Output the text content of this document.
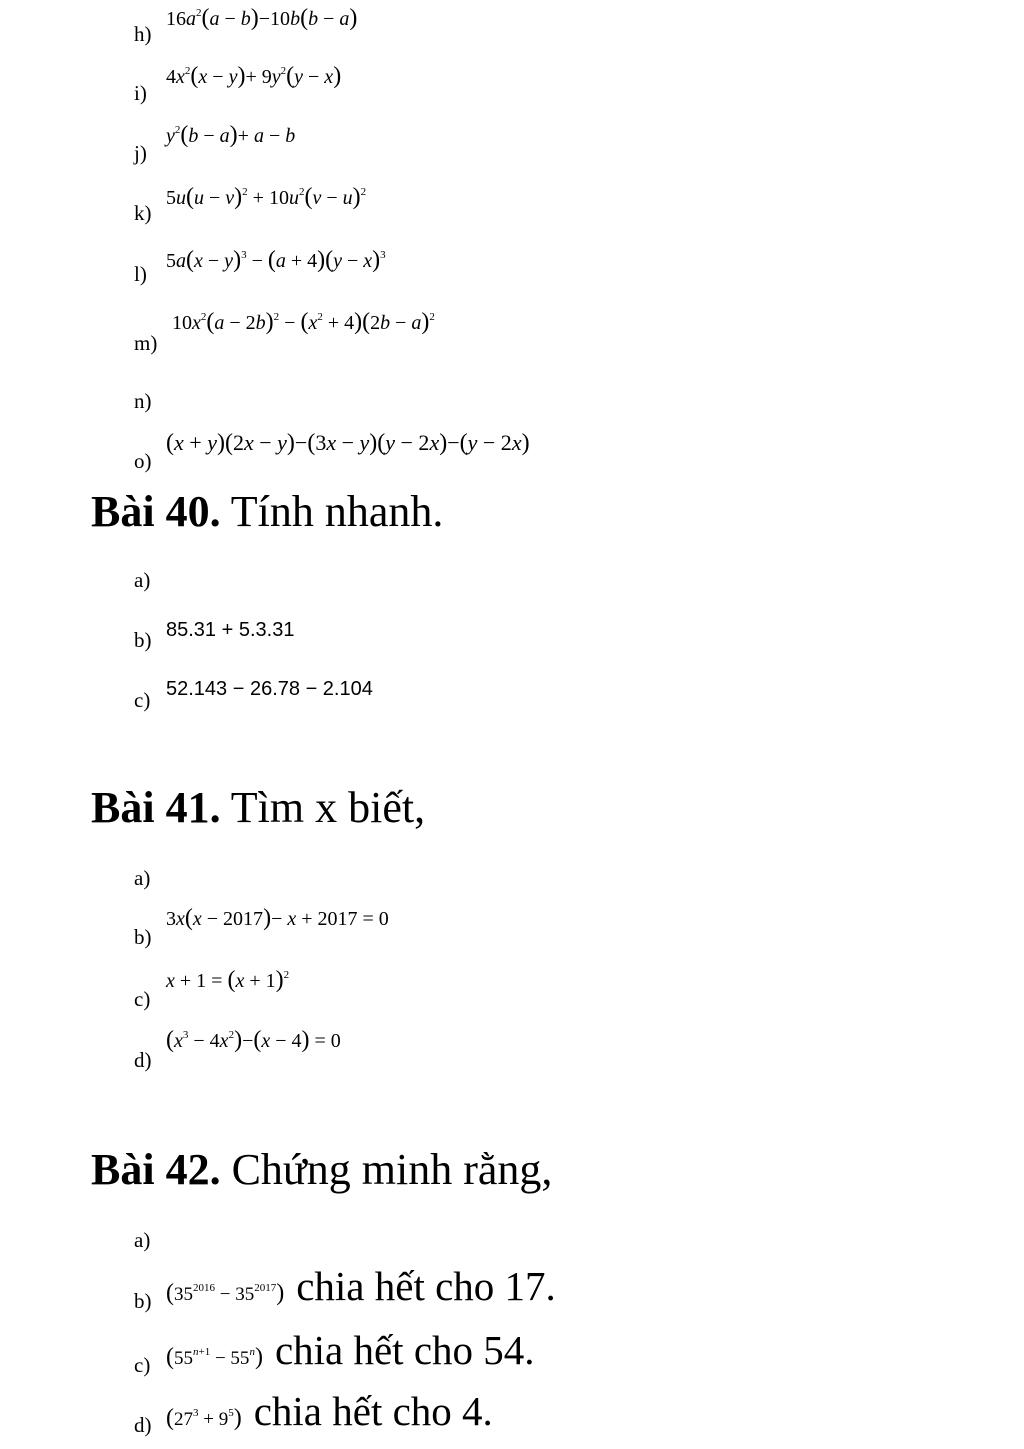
h)
$16a^2(a - b)-10b(b - a)$
i)
$4x^2(x - y)+ 9y^2(y - x)$
j)
$y^2(b - a)+ a - b$
k)
$5u(u - v)^2 + 10u^2(v - u)^2$
l)
$5a(x - y)^3 - (a + 4)(y - x)^3$
m)
$10x^2(a - 2b)^2 - (x^2 + 4)(2b - a)^2$
n)
o)
(x + y)(2x − y)−(3x − y)(y − 2x)−(y − 2x)
Bài 40. Tính nhanh.
a)
b) 85.31 + 5.3.31
c) 52.143 − 26.78 − 2.104
Bài 41. Tìm x biết,
a)
b)
3x(x − 2017)− x + 2017 = 0
c)
$x + 1 = (x + 1)^2$
d)
$(x^3 - 4x^2)-(x - 4) = 0$
Bài 42. Chứng minh rằng,
a)
b) $(35^{2016} - 35^{2017})$ chia hết cho 17.
c) $(55^{n+1} - 55^n)$ chia hết cho 54.
d) $(27^3 + 9^5)$ chia hết cho 4.
